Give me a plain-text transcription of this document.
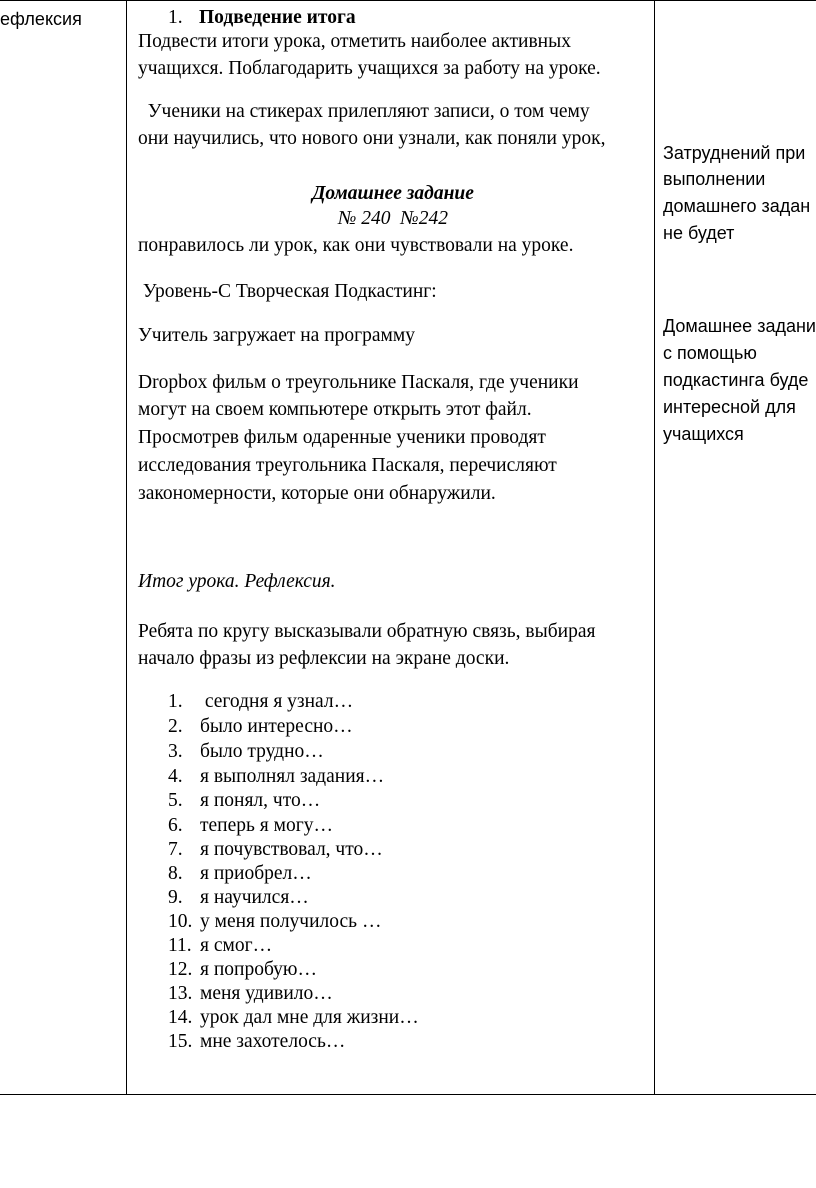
ефлексия	1. Подведение итога
Подвести итоги урока, отметить наиболее активных
учащихся. Поблагодарить учащихся за работу на уроке.
Ученики на стикерах прилепляют записи, о том чему
они научились, что нового они узнали, как поняли урок,
Домашнее задание
№ 240  №242
понравилось ли урок, как они чувствовали на уроке.
Уровень-С Творческая Подкастинг:
Учитель загружает на программу
Dropbox фильм о треугольнике Паскаля, где ученики
могут на своем компьютере открыть этот файл.
Просмотрев фильм одаренные ученики проводят
исследования треугольника Паскаля, перечисляют
закономерности, которые они обнаружили.
Итог урока. Рефлексия.
Ребята по кругу высказывали обратную связь, выбирая
начало фразы из рефлексии на экране доски.
1. сегодня я узнал…
2. было интересно…
3. было трудно…
4. я выполнял задания…
5. я понял, что…
6. теперь я могу…
7. я почувствовал, что…
8. я приобрел…
9. я научился…
10. у меня получилось …
11. я смог…
12. я попробую…
13. меня удивило…
14. урок дал мне для жизни…
15. мне захотелось…
Затруднений при
выполнении
домашнего задан
не будет
Домашнее задани
с помощью
подкастинга буде
интересной для
учащихся
